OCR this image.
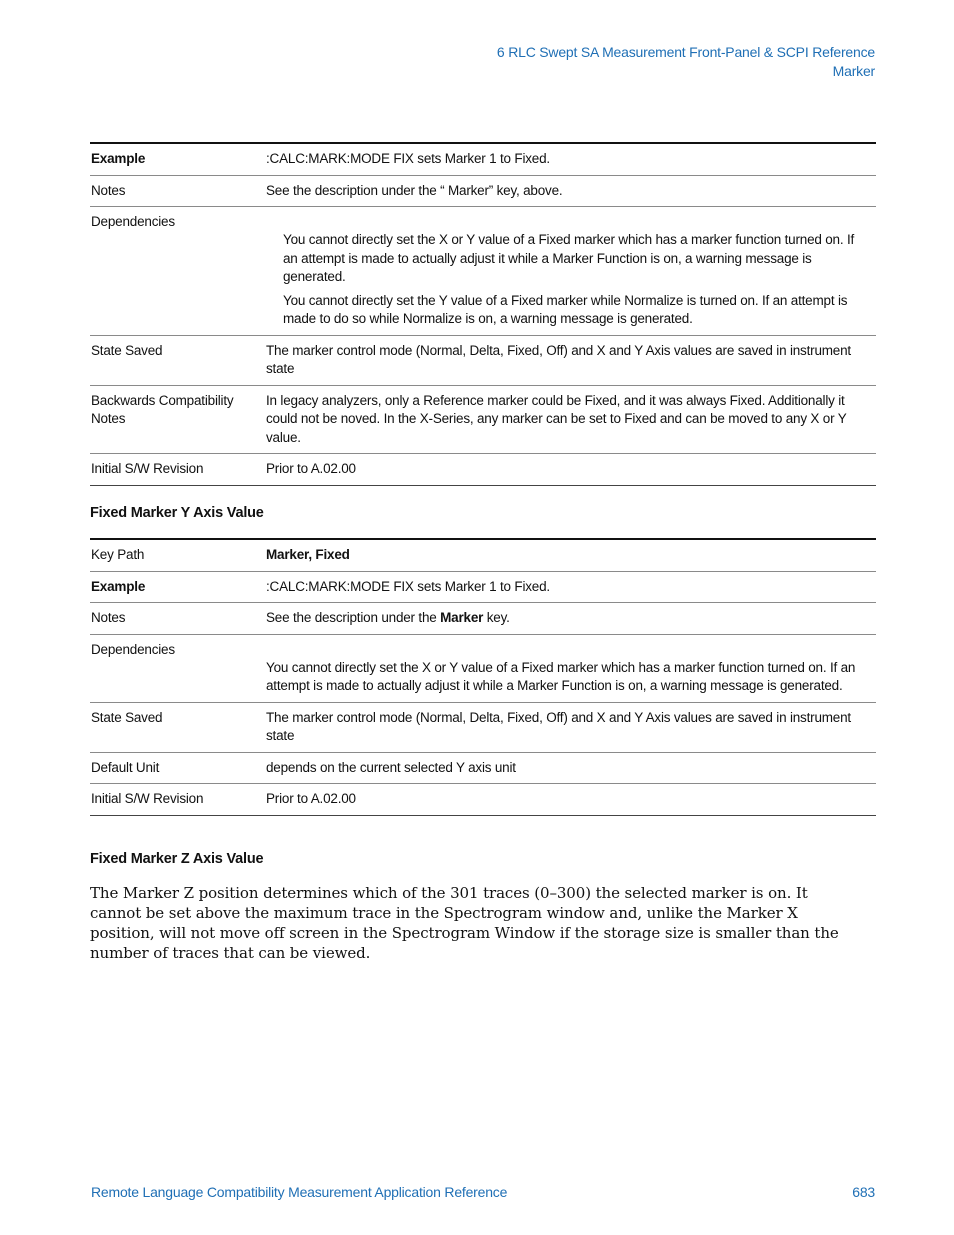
6 RLC Swept SA Measurement Front-Panel & SCPI Reference
Marker
Example	:CALC:MARK:MODE FIX sets Marker 1 to Fixed.
Notes	See the description under the “ Marker” key, above.
Dependencies	You cannot directly set the X or Y value of a Fixed marker which has a marker function turned on. If an attempt is made to actually adjust it while a Marker Function is on, a warning message is generated.

You cannot directly set the Y value of a Fixed marker while Normalize is turned on. If an attempt is made to do so while Normalize is on, a warning message is generated.

State Saved	The marker control mode (Normal, Delta, Fixed, Off) and X and Y Axis values are saved in instrument state
Backwards Compatibility Notes	In legacy analyzers, only a Reference marker could be Fixed, and it was always Fixed. Additionally it could not be noved. In the X-Series, any marker can be set to Fixed and can be moved to any X or Y value.
Initial S/W Revision	Prior to A.02.00
Fixed Marker Y Axis Value
Key Path	Marker, Fixed
Example	:CALC:MARK:MODE FIX sets Marker 1 to Fixed.
Notes	See the description under the Marker key.
Dependencies	You cannot directly set the X or Y value of a Fixed marker which has a marker function turned on. If an attempt is made to actually adjust it while a Marker Function is on, a warning message is generated.

State Saved	The marker control mode (Normal, Delta, Fixed, Off) and X and Y Axis values are saved in instrument state
Default Unit	depends on the current selected Y axis unit
Initial S/W Revision	Prior to A.02.00
Fixed Marker Z Axis Value

The Marker Z position determines which of the 301 traces (0–300) the selected marker is on. It cannot be set above the maximum trace in the Spectrogram window and, unlike the Marker X position, will not move off screen in the Spectrogram Window if the storage size is smaller than the number of traces that can be viewed.

Remote Language Compatibility Measurement Application Reference	683
